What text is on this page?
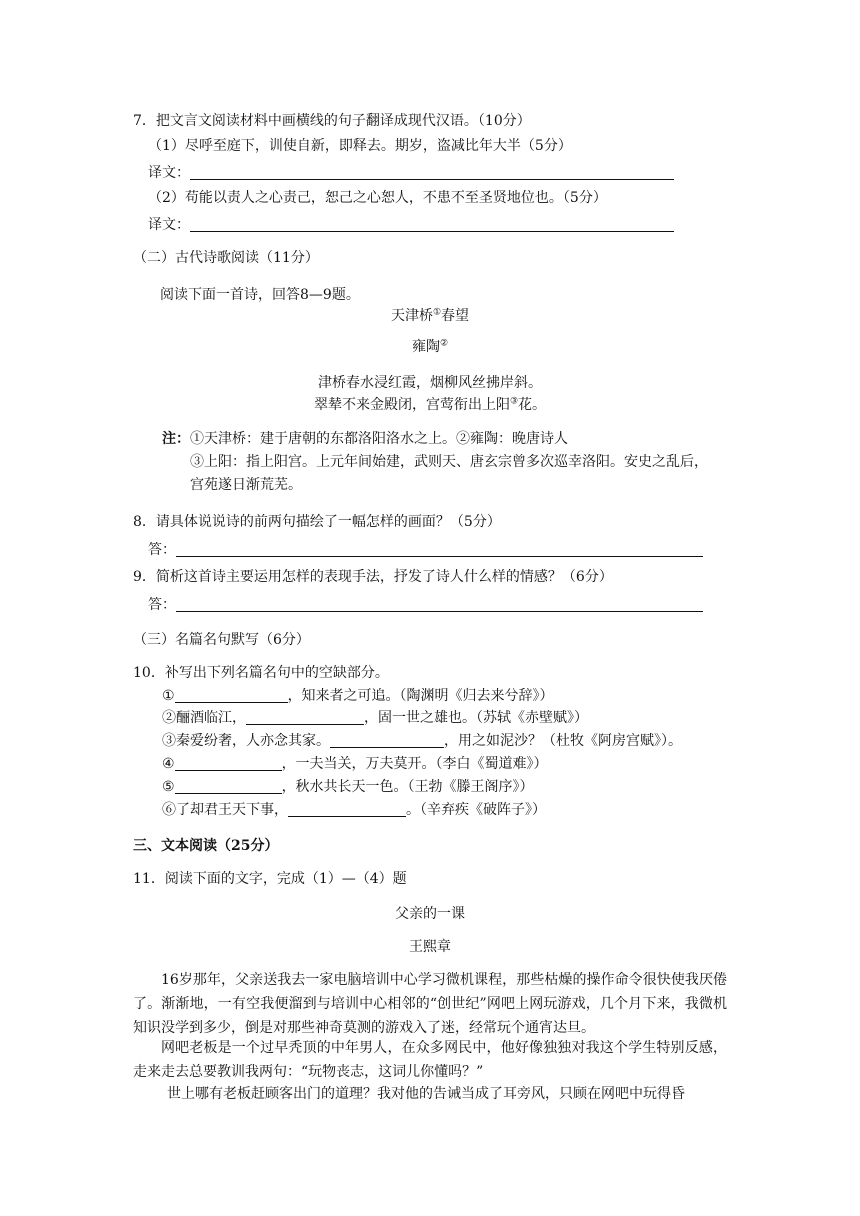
7．把文言文阅读材料中画横线的句子翻译成现代汉语。（10分）
（1）尽呼至庭下，训使自新，即释去。期岁，盗减比年大半（5分）
译文：
（2）苟能以责人之心责己，恕己之心恕人，不患不至圣贤地位也。（5分）
译文：
（二）古代诗歌阅读（11分）
阅读下面一首诗，回答8—9题。
天津桥①春望
雍陶②
津桥春水浸红霞，烟柳风丝拂岸斜。
翠辇不来金殿闭，宫莺衔出上阳③花。
注： ①天津桥：建于唐朝的东都洛阳洛水之上。②雍陶：晚唐诗人
③上阳：指上阳宫。上元年间始建，武则天、唐玄宗曾多次巡幸洛阳。安史之乱后，
宫苑遂日渐荒芜。
8．请具体说说诗的前两句描绘了一幅怎样的画面？（5分）
答：
9．简析这首诗主要运用怎样的表现手法，抒发了诗人什么样的情感？（6分）
答：
（三）名篇名句默写（6分）
10．补写出下列名篇名句中的空缺部分。
①	，知来者之可追。（陶渊明《归去来兮辞》）
②酾酒临江，	，固一世之雄也。（苏轼《赤壁赋》）
③秦爱纷奢，人亦念其家。	，用之如泥沙？（杜牧《阿房宫赋》）。
④	，一夫当关，万夫莫开。（李白《蜀道难》）
⑤	，秋水共长天一色。（王勃《滕王阁序》）
⑥了却君王天下事，	。（辛弃疾《破阵子》）
三、文本阅读（25分）
11．阅读下面的文字，完成（1）—（4）题
父亲的一课
王熙章
16岁那年，父亲送我去一家电脑培训中心学习微机课程，那些枯燥的操作命令很快使我厌倦了。渐渐地，一有空我便溜到与培训中心相邻的“创世纪”网吧上网玩游戏，几个月下来，我微机知识没学到多少，倒是对那些神奇莫测的游戏入了迷，经常玩个通宵达旦。
网吧老板是一个过早秃顶的中年男人，在众多网民中，他好像独独对我这个学生特别反感，走来走去总要教训我两句：“玩物丧志，这词儿你懂吗？”
世上哪有老板赶顾客出门的道理？我对他的告诫当成了耳旁风，只顾在网吧中玩得昏
